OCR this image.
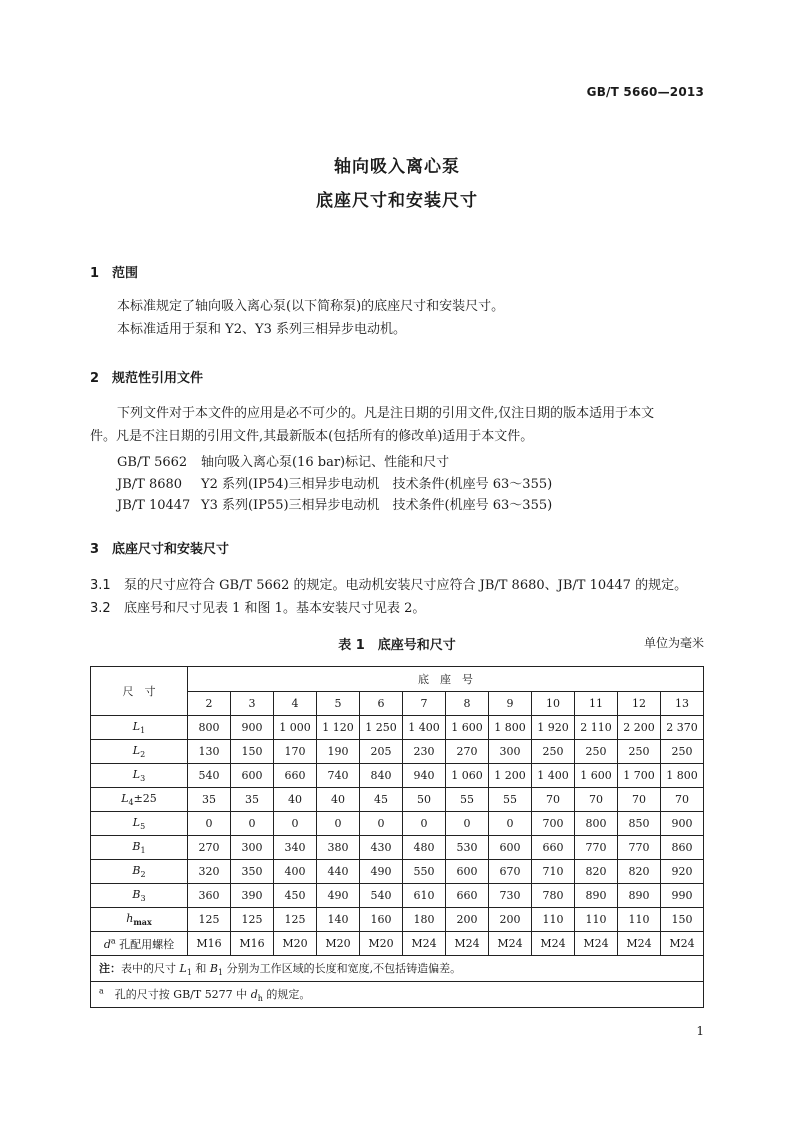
GB/T 5660—2013
轴向吸入离心泵
底座尺寸和安装尺寸
1 范围
本标准规定了轴向吸入离心泵(以下简称泵)的底座尺寸和安装尺寸。
本标准适用于泵和 Y2、Y3 系列三相异步电动机。
2 规范性引用文件
下列文件对于本文件的应用是必不可少的。凡是注日期的引用文件,仅注日期的版本适用于本文
件。凡是不注日期的引用文件,其最新版本(包括所有的修改单)适用于本文件。
GB/T 5662 轴向吸入离心泵(16 bar)标记、性能和尺寸
JB/T 8680 Y2 系列(IP54)三相异步电动机　技术条件(机座号 63～355)
JB/T 10447 Y3 系列(IP55)三相异步电动机　技术条件(机座号 63～355)
3 底座尺寸和安装尺寸
3.1 泵的尺寸应符合 GB/T 5662 的规定。电动机安装尺寸应符合 JB/T 8680、JB/T 10447 的规定。
3.2 底座号和尺寸见表 1 和图 1。基本安装尺寸见表 2。
表 1　底座号和尺寸	单位为毫米
尺　寸	底　座　号											
	2	3	4	5	6	7	8	9	10	11	12	13
$L_1$	800	900	1 000	1 120	1 250	1 400	1 600	1 800	1 920	2 110	2 200	2 370
$L_2$	130	150	170	190	205	230	270	300	250	250	250	250
$L_3$	540	600	660	740	840	940	1 060	1 200	1 400	1 600	1 700	1 800
$L_4\pm 25$	35	35	40	40	45	50	55	55	70	70	70	70
$L_5$	0	0	0	0	0	0	0	0	700	800	850	900
$B_1$	270	300	340	380	430	480	530	600	660	770	770	860
$B_2$	320	350	400	440	490	550	600	670	710	820	820	920
$B_3$	360	390	450	490	540	610	660	730	780	890	890	990
$h_{max}$	125	125	125	140	160	180	200	200	110	110	110	150
$d^a$ 孔配用螺栓	M16	M16	M20	M20	M20	M24	M24	M24	M24	M24	M24	M24
注：表中的尺寸 $L_1$ 和 $B_1$ 分别为工作区域的长度和宽度,不包括铸造偏差。												
$^a$　孔的尺寸按 GB/T 5277 中 $d_h$ 的规定。												
1
